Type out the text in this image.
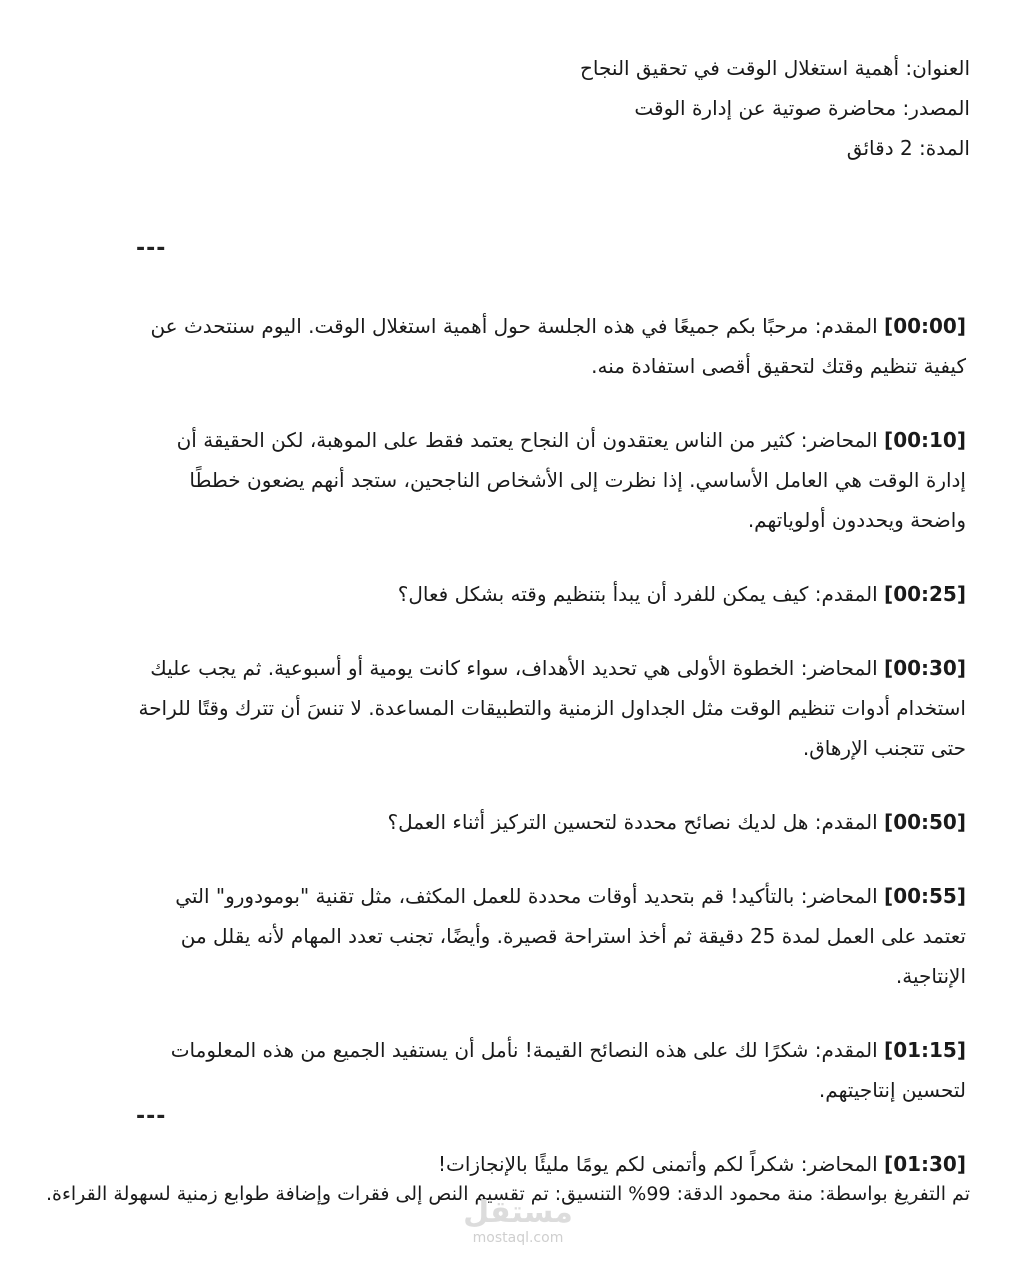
العنوان: أهمية استغلال الوقت في تحقيق النجاح
المصدر: محاضرة صوتية عن إدارة الوقت
المدة: 2 دقائق
---

[00:00] المقدم: مرحبًا بكم جميعًا في هذه الجلسة حول أهمية استغلال الوقت. اليوم سنتحدث عن كيفية تنظيم وقتك لتحقيق أقصى استفادة منه.

[00:10] المحاضر: كثير من الناس يعتقدون أن النجاح يعتمد فقط على الموهبة، لكن الحقيقة أن إدارة الوقت هي العامل الأساسي. إذا نظرت إلى الأشخاص الناجحين، ستجد أنهم يضعون خططًا واضحة ويحددون أولوياتهم.

[00:25] المقدم: كيف يمكن للفرد أن يبدأ بتنظيم وقته بشكل فعال؟

[00:30] المحاضر: الخطوة الأولى هي تحديد الأهداف، سواء كانت يومية أو أسبوعية. ثم يجب عليك استخدام أدوات تنظيم الوقت مثل الجداول الزمنية والتطبيقات المساعدة. لا تنسَ أن تترك وقتًا للراحة حتى تتجنب الإرهاق.

[00:50] المقدم: هل لديك نصائح محددة لتحسين التركيز أثناء العمل؟

[00:55] المحاضر: بالتأكيد! قم بتحديد أوقات محددة للعمل المكثف، مثل تقنية "بومودورو" التي تعتمد على العمل لمدة 25 دقيقة ثم أخذ استراحة قصيرة. وأيضًا، تجنب تعدد المهام لأنه يقلل من الإنتاجية.

[01:15] المقدم: شكرًا لك على هذه النصائح القيمة! نأمل أن يستفيد الجميع من هذه المعلومات لتحسين إنتاجيتهم.

[01:30] المحاضر: شكراً لكم وأتمنى لكم يومًا مليئًا بالإنجازات!

---
تم التفريغ بواسطة: منة محمود الدقة: 99% التنسيق: تم تقسيم النص إلى فقرات وإضافة طوابع زمنية لسهولة القراءة.
مستقل
mostaql.com
